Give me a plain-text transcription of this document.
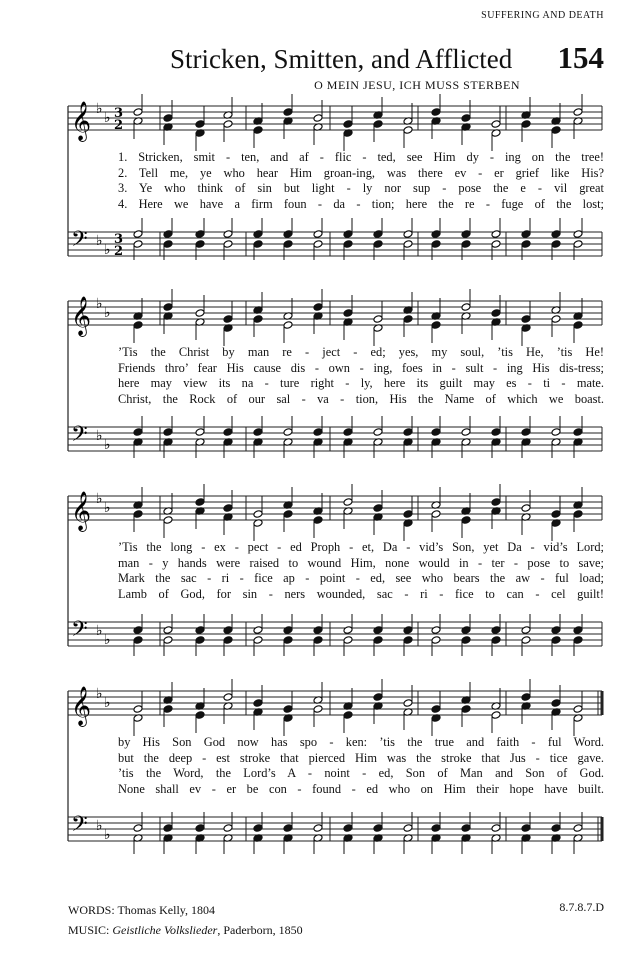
SUFFERING AND DEATH
Stricken, Smitten, and Afflicted 154
O MEIN JESU, ICH MUSS STERBEN
𝄞
𝄢
♭
♭
♭
♭
3
2
3
2
1. Stricken, smit - ten, and af - flic - ted, see Him dy - ing on the tree!
2. Tell me, ye who hear Him groan-ing, was there ev - er grief like His?
3. Ye who think of sin but light - ly nor sup - pose the e - vil great
4. Here we have a firm foun - da - tion; here the re - fuge of the lost;
𝄞
𝄢
♭
♭
♭
♭
’Tis the Christ by man re - ject - ed; yes, my soul, ’tis He, ’tis He!
Friends thro’ fear His cause dis - own - ing, foes in - sult - ing His dis-tress;
here may view its na - ture right - ly, here its guilt may es - ti - mate.
Christ, the Rock of our sal - va - tion, His the Name of which we boast.
𝄞
𝄢
♭
♭
♭
♭
’Tis the long - ex - pect - ed Proph - et, Da - vid’s Son, yet Da - vid’s Lord;
man - y hands were raised to wound Him, none would in - ter - pose to save;
Mark the sac - ri - fice ap - point - ed, see who bears the aw - ful load;
Lamb of God, for sin - ners wounded, sac - ri - fice to can - cel guilt!
𝄞
𝄢
♭
♭
♭
♭
by His Son God now has spo - ken: ’tis the true and faith - ful Word.
but the deep - est stroke that pierced Him was the stroke that Jus - tice gave.
’tis the Word, the Lord’s A - noint - ed, Son of Man and Son of God.
None shall ev - er be con - found - ed who on Him their hope have built.
WORDS: Thomas Kelly, 1804
MUSIC: Geistliche Volkslieder, Paderborn, 1850
8.7.8.7.D
